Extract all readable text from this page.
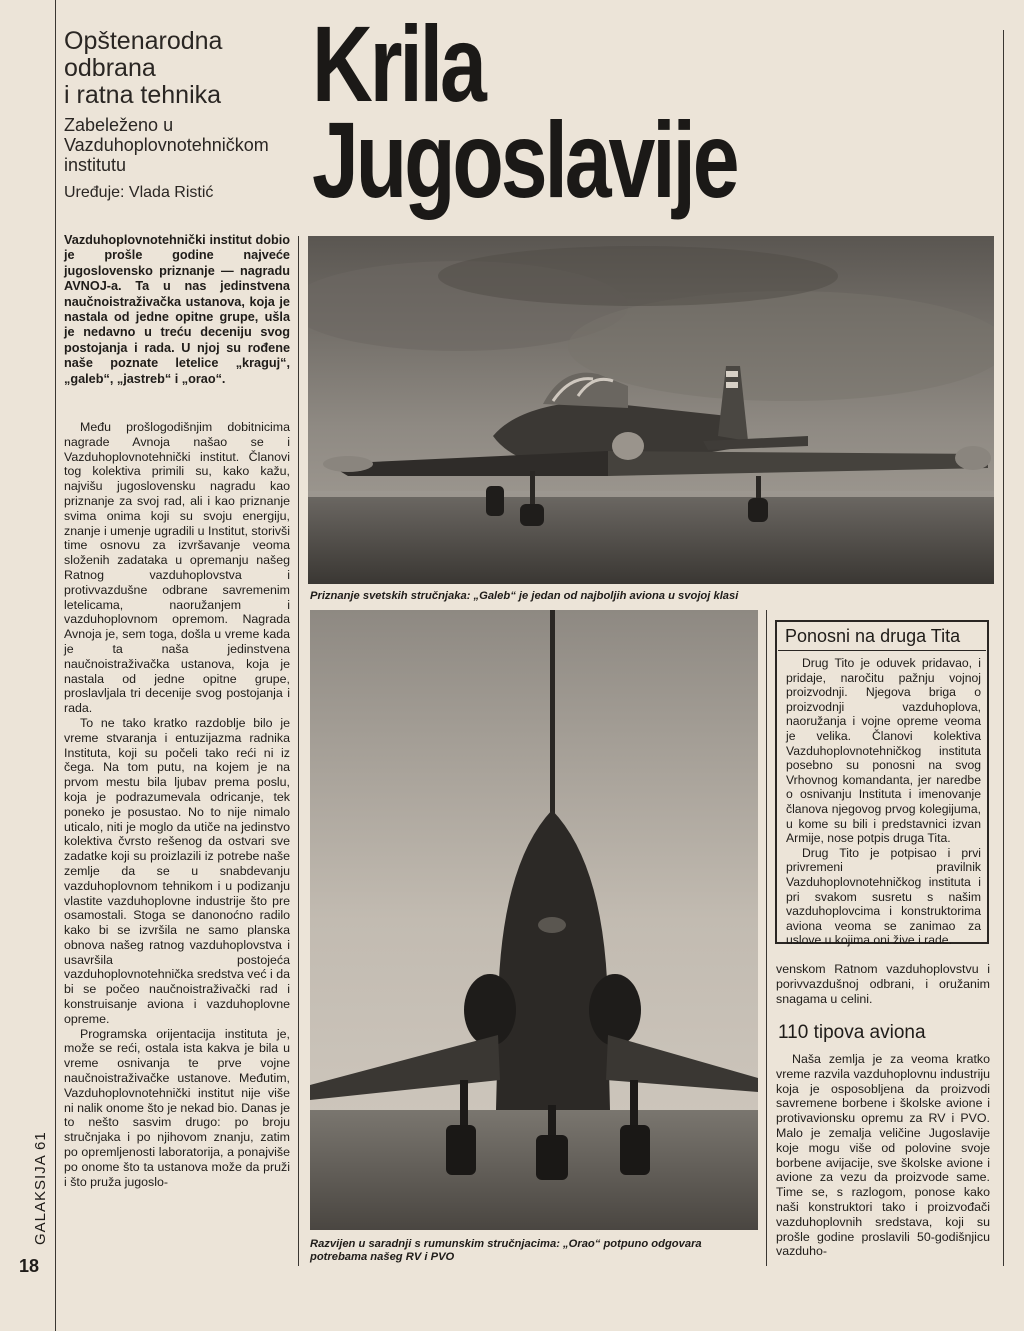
Opštenarodna
odbrana
i ratna tehnika
Zabeleženo u
Vazduhoplovnotehničkom
institutu
Uređuje: Vlada Ristić
Krila
Jugoslavije
Vazduhoplovnotehnički institut dobio je prošle godine najveće jugoslovensko priznanje — nagradu AVNOJ-a. Ta u nas jedinstvena naučnoistraživačka ustanova, koja je nastala od jedne opitne grupe, ušla je nedavno u treću deceniju svog postojanja i rada. U njoj su rođene naše poznate letelice „kraguj“, „galeb“, „jastreb“ i „orao“.

Među prošlogodišnjim dobitnicima nagrade Avnoja našao se i Vazduhoplovnotehnički institut. Članovi tog kolektiva primili su, kako kažu, najvišu jugoslovensku nagradu kao priznanje za svoj rad, ali i kao priznanje svima onima koji su svoju energiju, znanje i umenje ugradili u Institut, storivši time osnovu za izvršavanje veoma složenih zadataka u opremanju našeg Ratnog vazduhoplovstva i protivvazdušne odbrane savremenim letelicama, naoružanjem i vazduhoplovnom opremom. Nagrada Avnoja je, sem toga, došla u vreme kada je ta naša jedinstvena naučnoistraživačka ustanova, koja je nastala od jedne opitne grupe, proslavljala tri decenije svog postojanja i rada.

To ne tako kratko razdoblje bilo je vreme stvaranja i entuzijazma radnika Instituta, koji su počeli tako reći ni iz čega. Na tom putu, na kojem je na prvom mestu bila ljubav prema poslu, koja je podrazumevala odricanje, tek poneko je posustao. No to nije nimalo uticalo, niti je moglo da utiče na jedinstvo kolektiva čvrsto rešenog da ostvari sve zadatke koji su proizlazili iz potrebe naše zemlje da se u snabdevanju vazduhoplovnom tehnikom i u podizanju vlastite vazduhoplovne industrije što pre osamostali. Stoga se danonoćno radilo kako bi se izvršila ne samo planska obnova našeg ratnog vazduhoplovstva i usavršila postojeća vazduhoplovnotehnička sredstva već i da bi se počeo naučnoistraživački rad i konstruisanje aviona i vazduhoplovne opreme.

Programska orijentacija instituta je, može se reći, ostala ista kakva je bila u vreme osnivanja te prve vojne naučnoistraživačke ustanove. Međutim, Vazduhoplovnotehnički institut nije više ni nalik onome što je nekad bio. Danas je to nešto sasvim drugo: po broju stručnjaka i po njihovom znanju, zatim po opremljenosti laboratorija, a ponajviše po onome što ta ustanova može da pruži i što pruža jugoslo-

Priznanje svetskih stručnjaka: „Galeb“ je jedan od najboljih aviona u svojoj klasi
Razvijen u saradnji s rumunskim stručnjacima: „Orao“ potpuno odgovara potrebama našeg RV i PVO
Ponosni na druga Tita

Drug Tito je oduvek pridavao, i pridaje, naročitu pažnju vojnoj proizvodnji. Njegova briga o proizvodnji vazduhoplova, naoružanja i vojne opreme veoma je velika. Članovi kolektiva Vazduhoplovnotehničkog instituta posebno su ponosni na svog Vrhovnog komandanta, jer naredbe o osnivanju Instituta i imenovanje članova njegovog prvog kolegijuma, u kome su bili i predstavnici izvan Armije, nose potpis druga Tita.

Drug Tito je potpisao i prvi privremeni pravilnik Vazduhoplovnotehničkog instituta i pri svakom susretu s našim vazduhoplovcima i konstruktorima aviona veoma se zanimao za uslove u kojima oni žive i rade.

venskom Ratnom vazduhoplovstvu i porivvazdušnoj odbrani, i oružanim snagama u celini.

110 tipova aviona

Naša zemlja je za veoma kratko vreme razvila vazduhoplovnu industriju koja je osposobljena da proizvodi savremene borbene i školske avione i protivavionsku opremu za RV i PVO. Malo je zemalja veličine Jugoslavije koje mogu više od polovine svoje borbene avijacije, sve školske avione i avione za vezu da proizvode same. Time se, s razlogom, ponose kako naši konstruktori tako i proizvođači vazduhoplovnih sredstava, koji su prošle godine proslavili 50-godišnjicu vazduho-

GALAKSIJA 61
18
